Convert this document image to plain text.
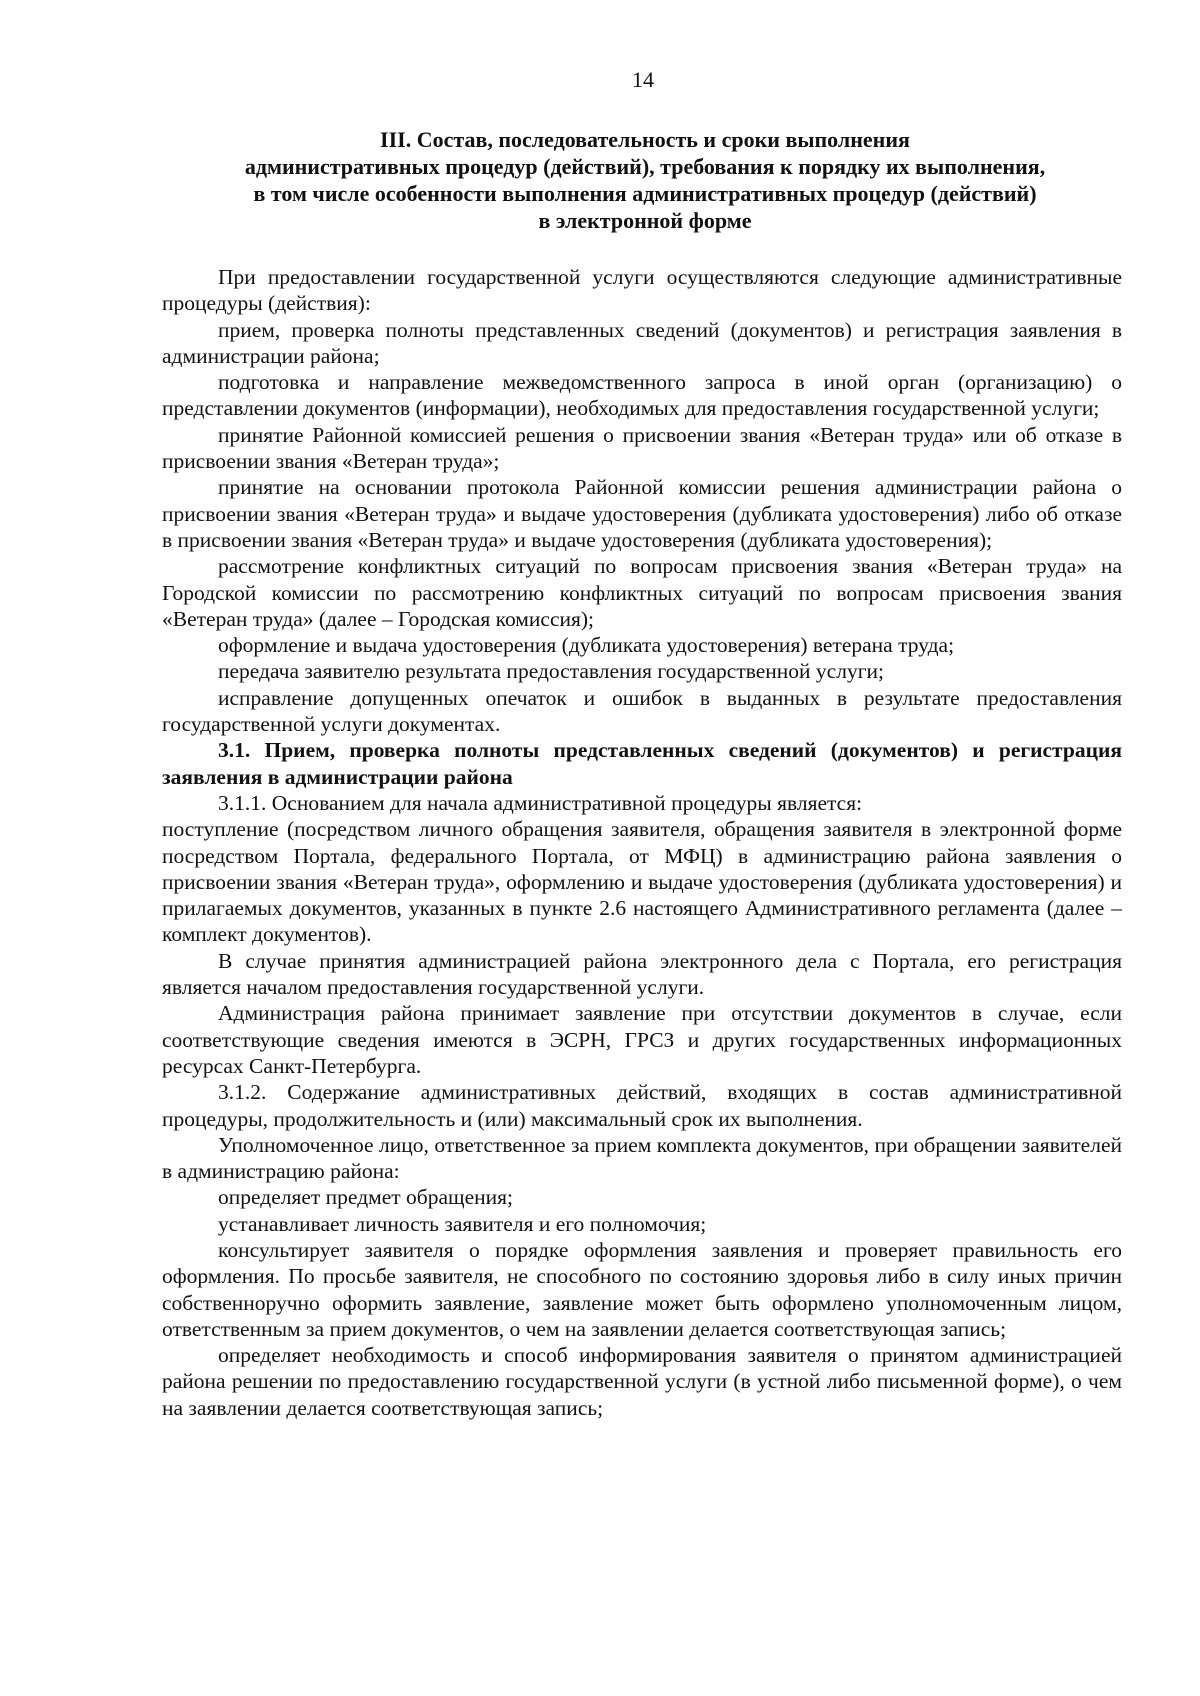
14
III. Состав, последовательность и сроки выполнения
административных процедур (действий), требования к порядку их выполнения,
в том числе особенности выполнения административных процедур (действий)
в электронной форме

При предоставлении государственной услуги осуществляются следующие административные процедуры (действия):

прием, проверка полноты представленных сведений (документов) и регистрация заявления в администрации района;

подготовка и направление межведомственного запроса в иной орган (организацию) о представлении документов (информации), необходимых для предоставления государственной услуги;

принятие Районной комиссией решения о присвоении звания «Ветеран труда» или об отказе в присвоении звания «Ветеран труда»;

принятие на основании протокола Районной комиссии решения администрации района о присвоении звания «Ветеран труда» и выдаче удостоверения (дубликата удостоверения) либо об отказе в присвоении звания «Ветеран труда» и выдаче удостоверения (дубликата удостоверения);

рассмотрение конфликтных ситуаций по вопросам присвоения звания «Ветеран труда» на Городской комиссии по рассмотрению конфликтных ситуаций по вопросам присвоения звания «Ветеран труда» (далее – Городская комиссия);

оформление и выдача удостоверения (дубликата удостоверения) ветерана труда;

передача заявителю результата предоставления государственной услуги;

исправление допущенных опечаток и ошибок в выданных в результате предоставления государственной услуги документах.

3.1. Прием, проверка полноты представленных сведений (документов) и регистрация заявления в администрации района

3.1.1. Основанием для начала административной процедуры является:

поступление (посредством личного обращения заявителя, обращения заявителя в электронной форме посредством Портала, федерального Портала, от МФЦ) в администрацию района заявления о присвоении звания «Ветеран труда», оформлению и выдаче удостоверения (дубликата удостоверения) и прилагаемых документов, указанных в пункте 2.6 настоящего Административного регламента (далее – комплект документов).

В случае принятия администрацией района электронного дела с Портала, его регистрация является началом предоставления государственной услуги.

Администрация района принимает заявление при отсутствии документов в случае, если соответствующие сведения имеются в ЭСРН, ГРСЗ и других государственных информационных ресурсах Санкт-Петербурга.

3.1.2. Содержание административных действий, входящих в состав административной процедуры, продолжительность и (или) максимальный срок их выполнения.

Уполномоченное лицо, ответственное за прием комплекта документов, при обращении заявителей в администрацию района:

определяет предмет обращения;

устанавливает личность заявителя и его полномочия;

консультирует заявителя о порядке оформления заявления и проверяет правильность его оформления. По просьбе заявителя, не способного по состоянию здоровья либо в силу иных причин собственноручно оформить заявление, заявление может быть оформлено уполномоченным лицом, ответственным за прием документов, о чем на заявлении делается соответствующая запись;

определяет необходимость и способ информирования заявителя о принятом администрацией района решении по предоставлению государственной услуги (в устной либо письменной форме), о чем на заявлении делается соответствующая запись;
